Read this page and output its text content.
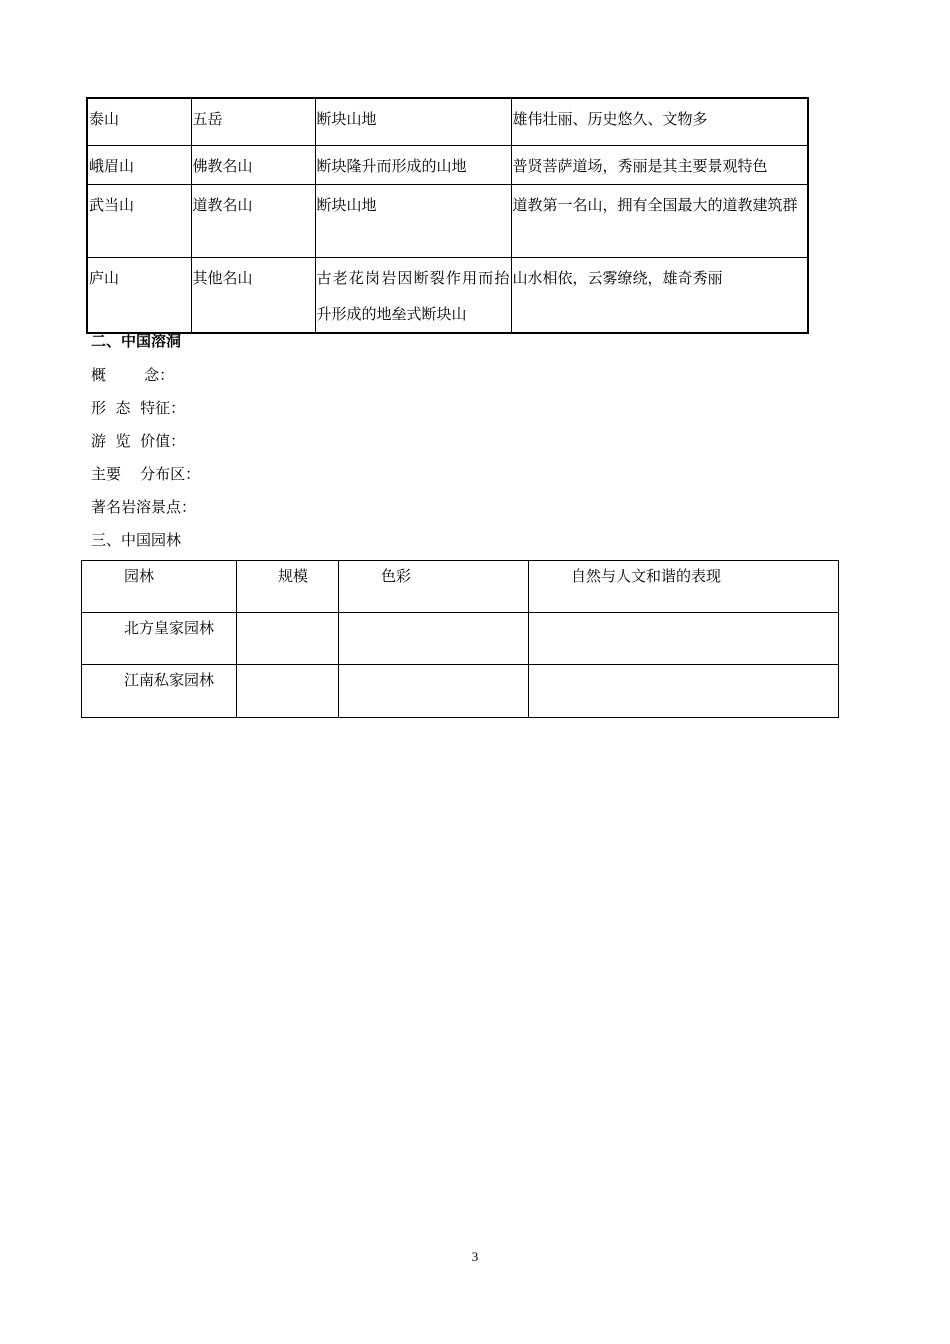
泰山	五岳	断块山地	雄伟壮丽、历史悠久、文物多
峨眉山	佛教名山	断块隆升而形成的山地	普贤菩萨道场，秀丽是其主要景观特色
武当山	道教名山	断块山地	道教第一名山，拥有全国最大的道教建筑群
庐山	其他名山	古老花岗岩因断裂作用而抬升形成的地垒式断块山	山水相依，云雾缭绕，雄奇秀丽
二、中国溶洞
概        念：
形  态  特征：
游  览  价值：
主要    分布区：
著名岩溶景点：
三、中国园林
园林	规模	色彩	自然与人文和谐的表现
北方皇家园林			
江南私家园林			
3
